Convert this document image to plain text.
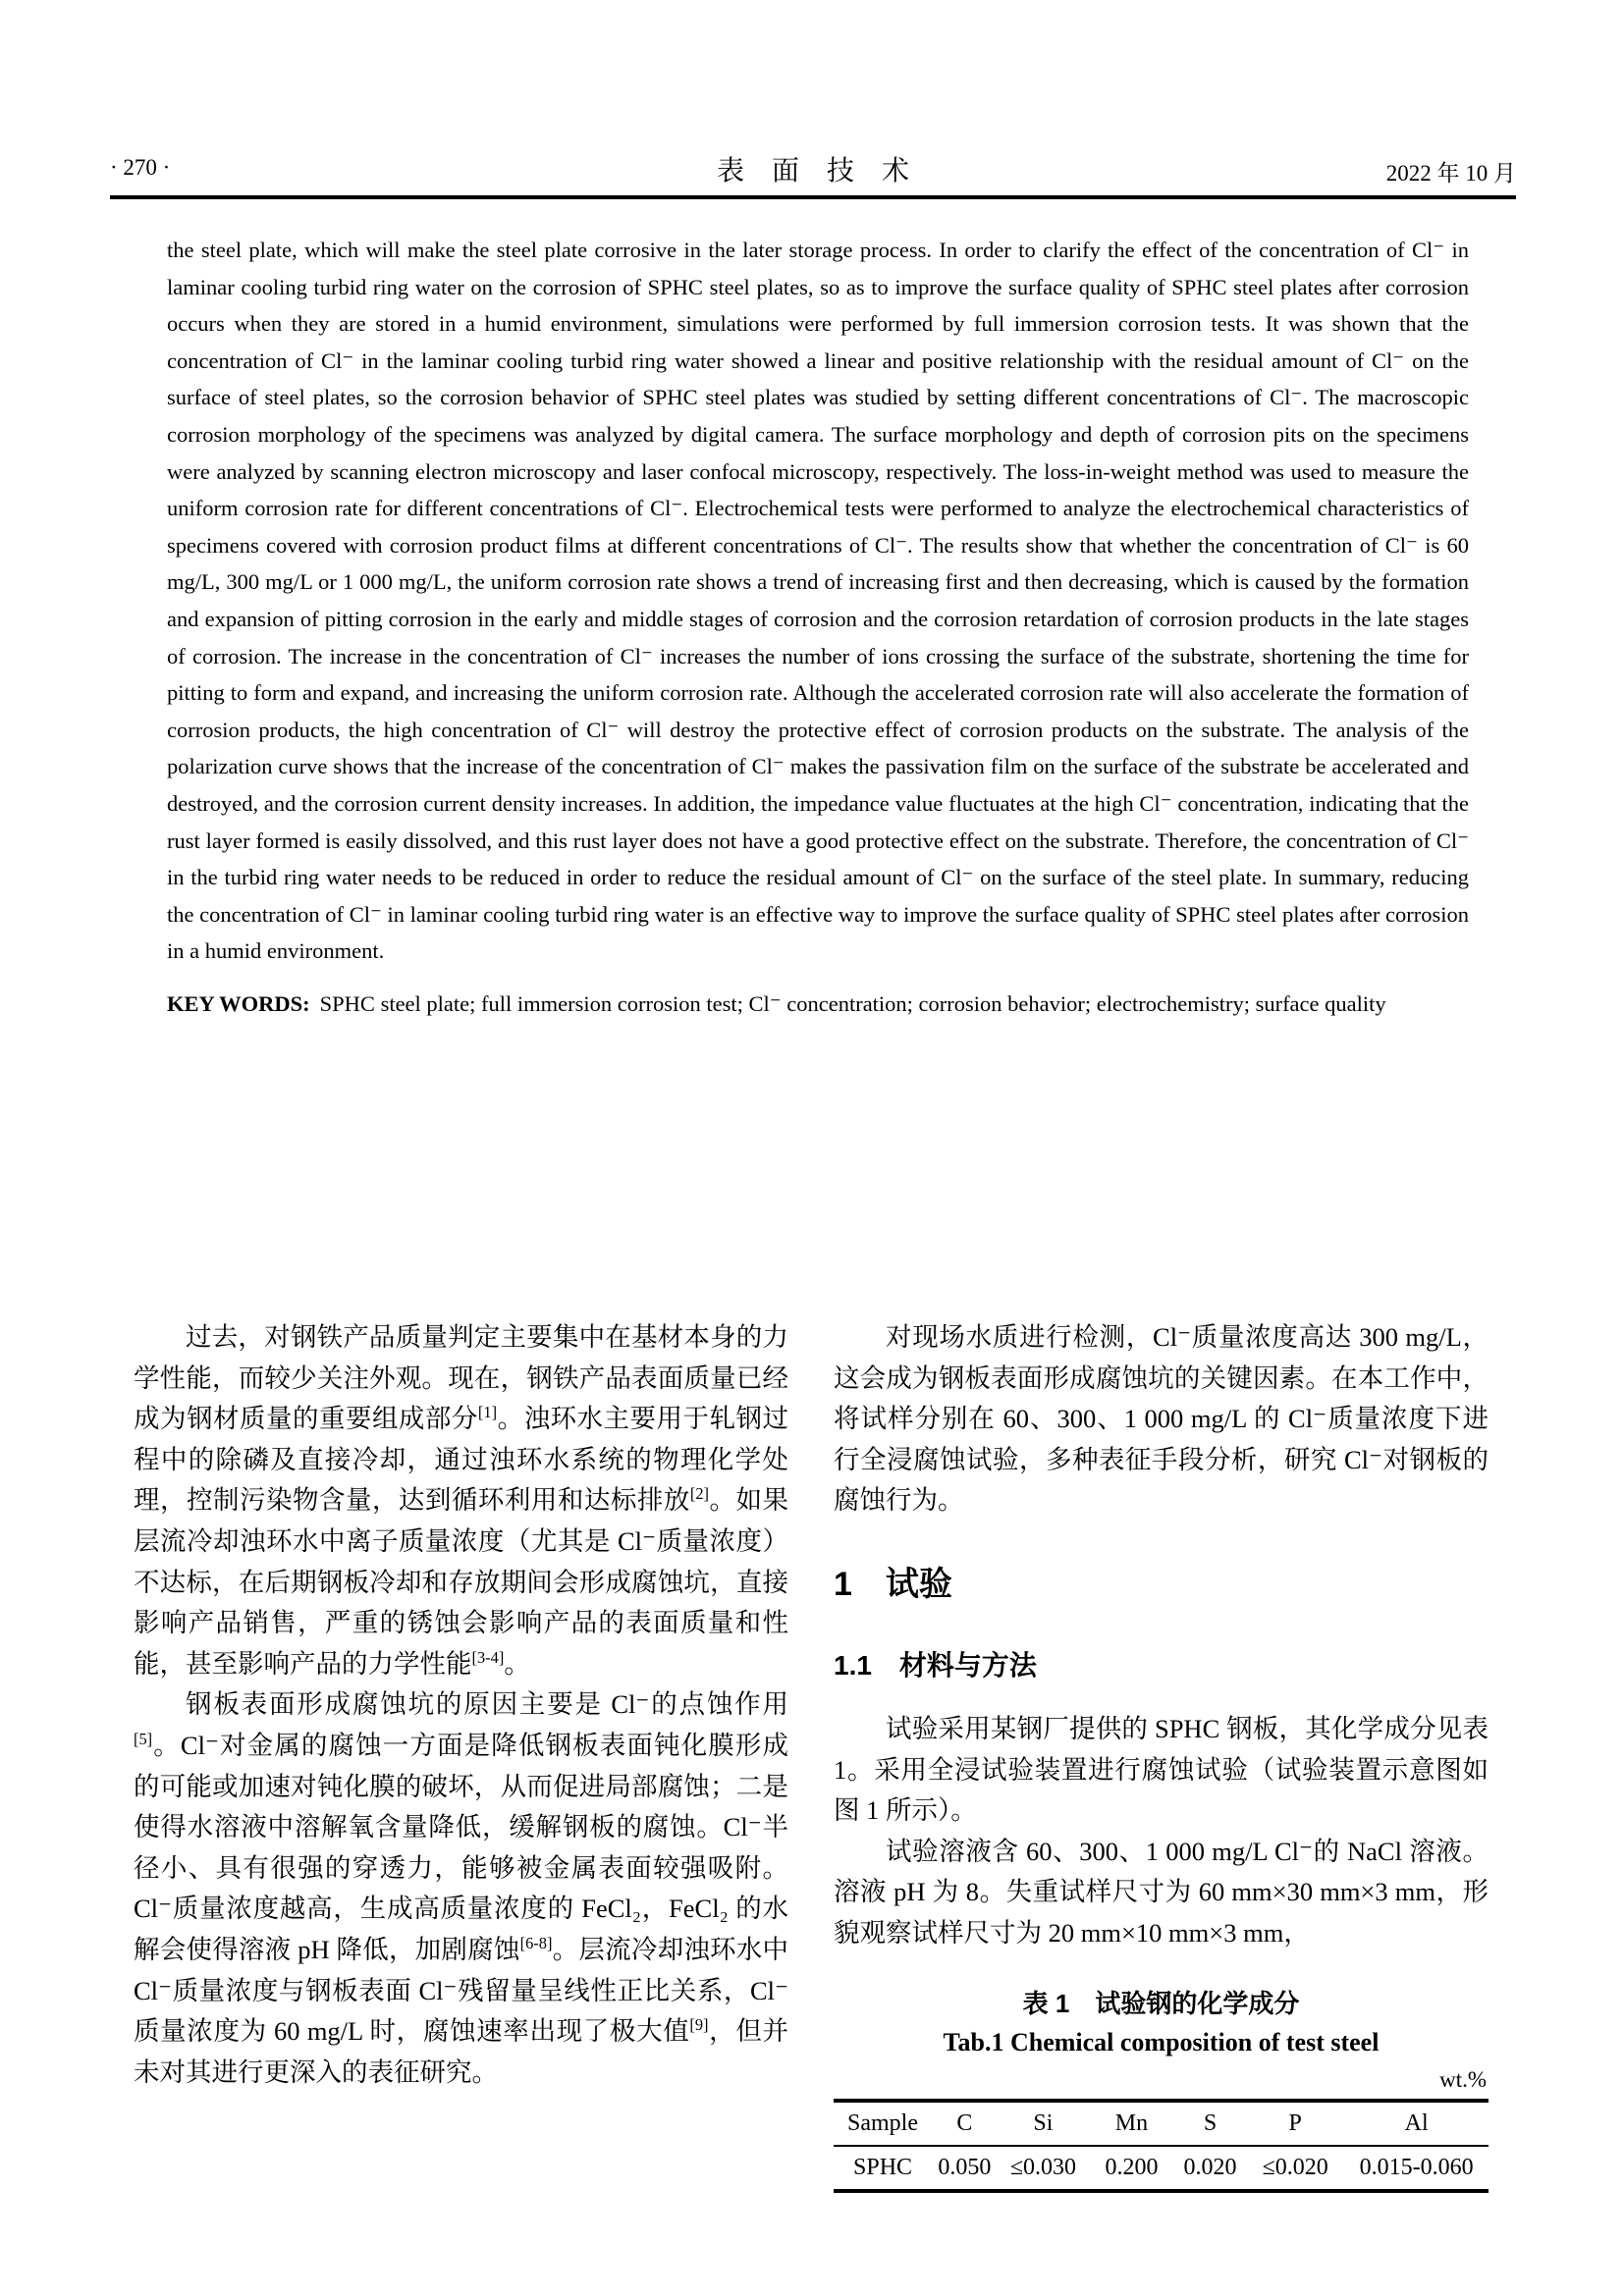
· 270 ·	表　面　技　术	2022 年 10 月

the steel plate, which will make the steel plate corrosive in the later storage process. In order to clarify the effect of the concentration of Cl⁻ in laminar cooling turbid ring water on the corrosion of SPHC steel plates, so as to improve the surface quality of SPHC steel plates after corrosion occurs when they are stored in a humid environment, simulations were performed by full immersion corrosion tests. It was shown that the concentration of Cl⁻ in the laminar cooling turbid ring water showed a linear and positive relationship with the residual amount of Cl⁻ on the surface of steel plates, so the corrosion behavior of SPHC steel plates was studied by setting different concentrations of Cl⁻. The macroscopic corrosion morphology of the specimens was analyzed by digital camera. The surface morphology and depth of corrosion pits on the specimens were analyzed by scanning electron microscopy and laser confocal microscopy, respectively. The loss-in-weight method was used to measure the uniform corrosion rate for different concentrations of Cl⁻. Electrochemical tests were performed to analyze the electrochemical characteristics of specimens covered with corrosion product films at different concentrations of Cl⁻. The results show that whether the concentration of Cl⁻ is 60 mg/L, 300 mg/L or 1 000 mg/L, the uniform corrosion rate shows a trend of increasing first and then decreasing, which is caused by the formation and expansion of pitting corrosion in the early and middle stages of corrosion and the corrosion retardation of corrosion products in the late stages of corrosion. The increase in the concentration of Cl⁻ increases the number of ions crossing the surface of the substrate, shortening the time for pitting to form and expand, and increasing the uniform corrosion rate. Although the accelerated corrosion rate will also accelerate the formation of corrosion products, the high concentration of Cl⁻ will destroy the protective effect of corrosion products on the substrate. The analysis of the polarization curve shows that the increase of the concentration of Cl⁻ makes the passivation film on the surface of the substrate be accelerated and destroyed, and the corrosion current density increases. In addition, the impedance value fluctuates at the high Cl⁻ concentration, indicating that the rust layer formed is easily dissolved, and this rust layer does not have a good protective effect on the substrate. Therefore, the concentration of Cl⁻ in the turbid ring water needs to be reduced in order to reduce the residual amount of Cl⁻ on the surface of the steel plate. In summary, reducing the concentration of Cl⁻ in laminar cooling turbid ring water is an effective way to improve the surface quality of SPHC steel plates after corrosion in a humid environment.

KEY WORDS: SPHC steel plate; full immersion corrosion test; Cl⁻ concentration; corrosion behavior; electrochemistry; surface quality

过去，对钢铁产品质量判定主要集中在基材本身的力学性能，而较少关注外观。现在，钢铁产品表面质量已经成为钢材质量的重要组成部分[1]。浊环水主要用于轧钢过程中的除磷及直接冷却，通过浊环水系统的物理化学处理，控制污染物含量，达到循环利用和达标排放[2]。如果层流冷却浊环水中离子质量浓度（尤其是 Cl⁻质量浓度）不达标，在后期钢板冷却和存放期间会形成腐蚀坑，直接影响产品销售，严重的锈蚀会影响产品的表面质量和性能，甚至影响产品的力学性能[3-4]。

钢板表面形成腐蚀坑的原因主要是 Cl⁻的点蚀作用[5]。Cl⁻对金属的腐蚀一方面是降低钢板表面钝化膜形成的可能或加速对钝化膜的破坏，从而促进局部腐蚀；二是使得水溶液中溶解氧含量降低，缓解钢板的腐蚀。Cl⁻半径小、具有很强的穿透力，能够被金属表面较强吸附。Cl⁻质量浓度越高，生成高质量浓度的 FeCl₂，FeCl₂ 的水解会使得溶液 pH 降低，加剧腐蚀[6-8]。层流冷却浊环水中 Cl⁻质量浓度与钢板表面 Cl⁻残留量呈线性正比关系，Cl⁻质量浓度为 60 mg/L 时，腐蚀速率出现了极大值[9]，但并未对其进行更深入的表征研究。

对现场水质进行检测，Cl⁻质量浓度高达 300 mg/L，这会成为钢板表面形成腐蚀坑的关键因素。在本工作中，将试样分别在 60、300、1 000 mg/L 的 Cl⁻质量浓度下进行全浸腐蚀试验，多种表征手段分析，研究 Cl⁻对钢板的腐蚀行为。

1　试验
1.1　材料与方法

试验采用某钢厂提供的 SPHC 钢板，其化学成分见表 1。采用全浸试验装置进行腐蚀试验（试验装置示意图如图 1 所示）。

试验溶液含 60、300、1 000 mg/L Cl⁻的 NaCl 溶液。溶液 pH 为 8。失重试样尺寸为 60 mm×30 mm×3 mm，形貌观察试样尺寸为 20 mm×10 mm×3 mm，

表 1　试验钢的化学成分
Tab.1 Chemical composition of test steel
wt.%
Sample	C	Si	Mn	S	P	Al
SPHC	0.050	≤0.030	0.200	0.020	≤0.020	0.015-0.060
